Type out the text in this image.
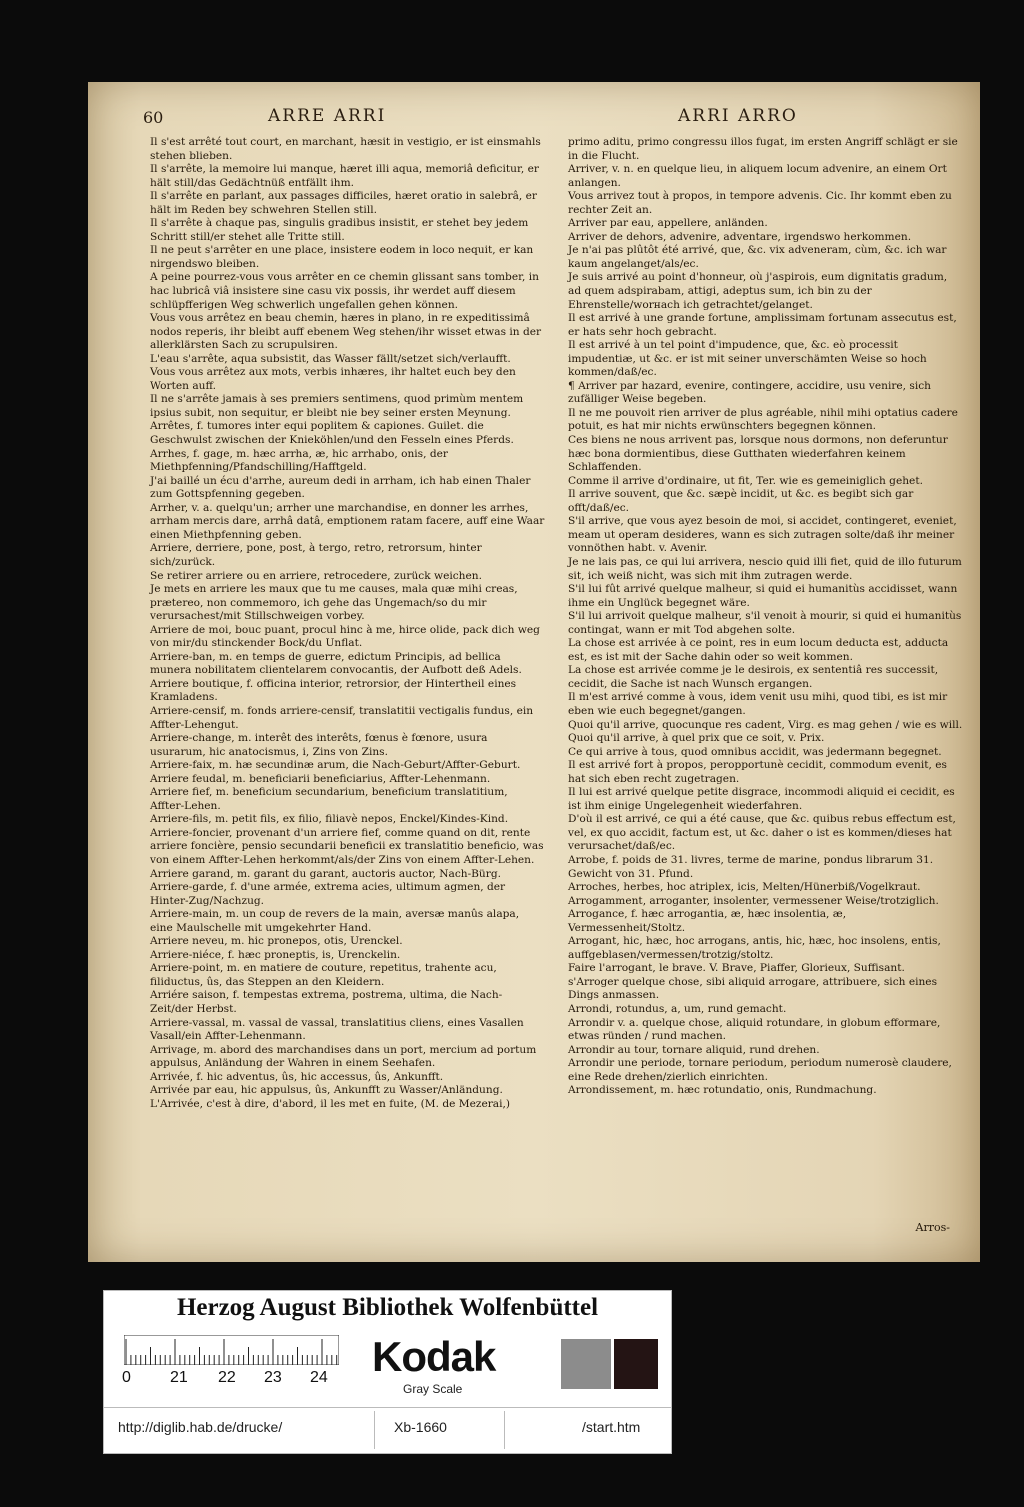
60	ARRE ARRI	ARRI ARRO

Il s'est arrêté tout court, en marchant, hæsit in vestigio, er ist einsmahls stehen blieben.

Il s'arrête, la memoire lui manque, hæret illi aqua, memoriâ deficitur, er hält still/das Gedächtnüß entfällt ihm.

Il s'arrête en parlant, aux passages difficiles, hæret oratio in salebrâ, er hält im Reden bey schwehren Stellen still.

Il s'arrête à chaque pas, singulis gradibus insistit, er stehet bey jedem Schritt still/er stehet alle Tritte still.

Il ne peut s'arrêter en une place, insistere eodem in loco nequit, er kan nirgendswo bleiben.

A peine pourrez-vous vous arrêter en ce chemin glissant sans tomber, in hac lubricâ viâ insistere sine casu vix possis, ihr werdet auff diesem schlüpfferigen Weg schwerlich ungefallen gehen können.

Vous vous arrêtez en beau chemin, hæres in plano, in re expeditissimâ nodos reperis, ihr bleibt auff ebenem Weg stehen/ihr wisset etwas in der allerklärsten Sach zu scrupulsiren.

L'eau s'arrête, aqua subsistit, das Wasser fällt/setzet sich/verlaufft.

Vous vous arrêtez aux mots, verbis inhæres, ihr haltet euch bey den Worten auff.

Il ne s'arrête jamais à ses premiers sentimens, quod primùm mentem ipsius subit, non sequitur, er bleibt nie bey seiner ersten Meynung.

Arrêtes, f. tumores inter equi poplitem & capiones. Guilet. die Geschwulst zwischen der Knieköhlen/und den Fesseln eines Pferds.

Arrhes, f. gage, m. hæc arrha, æ, hic arrhabo, onis, der Miethpfenning/Pfandschilling/Hafftgeld.

J'ai baillé un écu d'arrhe, aureum dedi in arrham, ich hab einen Thaler zum Gottspfenning gegeben.

Arrher, v. a. quelqu'un; arrher une marchandise, en donner les arrhes, arrham mercis dare, arrhâ datâ, emptionem ratam facere, auff eine Waar einen Miethpfenning geben.

Arriere, derriere, pone, post, à tergo, retro, retrorsum, hinter sich/zurück.

Se retirer arriere ou en arriere, retrocedere, zurück weichen.

Je mets en arriere les maux que tu me causes, mala quæ mihi creas, prætereo, non commemoro, ich gehe das Ungemach/so du mir verursachest/mit Stillschweigen vorbey.

Arriere de moi, bouc puant, procul hinc à me, hirce olide, pack dich weg von mir/du stinckender Bock/du Unflat.

Arriere-ban, m. en temps de guerre, edictum Principis, ad bellica munera nobilitatem clientelarem convocantis, der Aufbott deß Adels.

Arriere boutique, f. officina interior, retrorsior, der Hintertheil eines Kramladens.

Arriere-censif, m. fonds arriere-censif, translatitii vectigalis fundus, ein Affter-Lehengut.

Arriere-change, m. interêt des interêts, fœnus è fœnore, usura usurarum, hic anatocismus, i, Zins von Zins.

Arriere-faix, m. hæ secundinæ arum, die Nach-Geburt/Affter-Geburt.

Arriere feudal, m. beneficiarii beneficiarius, Affter-Lehenmann.

Arriere fief, m. beneficium secundarium, beneficium translatitium, Affter-Lehen.

Arriere-fils, m. petit fils, ex filio, filiavè nepos, Enckel/Kindes-Kind.

Arriere-foncier, provenant d'un arriere fief, comme quand on dit, rente arriere foncière, pensio secundarii beneficii ex translatitio beneficio, was von einem Affter-Lehen herkommt/als/der Zins von einem Affter-Lehen.

Arriere garand, m. garant du garant, auctoris auctor, Nach-Bürg.

Arriere-garde, f. d'une armée, extrema acies, ultimum agmen, der Hinter-Zug/Nachzug.

Arriere-main, m. un coup de revers de la main, aversæ manûs alapa, eine Maulschelle mit umgekehrter Hand.

Arriere neveu, m. hic pronepos, otis, Urenckel.

Arriere-niéce, f. hæc proneptis, is, Urenckelin.

Arriere-point, m. en matiere de couture, repetitus, trahente acu, filiductus, ûs, das Steppen an den Kleidern.

Arriére saison, f. tempestas extrema, postrema, ultima, die Nach-Zeit/der Herbst.

Arriere-vassal, m. vassal de vassal, translatitius cliens, eines Vasallen Vasall/ein Affter-Lehenmann.

Arrivage, m. abord des marchandises dans un port, mercium ad portum appulsus, Anländung der Wahren in einem Seehafen.

Arrivée, f. hic adventus, ûs, hic accessus, ûs, Ankunfft.

Arrivée par eau, hic appulsus, ûs, Ankunfft zu Wasser/Anländung.

L'Arrivée, c'est à dire, d'abord, il les met en fuite, (M. de Mezerai,)

primo aditu, primo congressu illos fugat, im ersten Angriff schlägt er sie in die Flucht.

Arriver, v. n. en quelque lieu, in aliquem locum advenire, an einem Ort anlangen.

Vous arrivez tout à propos, in tempore advenis. Cic. Ihr kommt eben zu rechter Zeit an.

Arriver par eau, appellere, anländen.

Arriver de dehors, advenire, adventare, irgendswo herkommen.

Je n'ai pas plûtôt été arrivé, que, &c. vix adveneram, cùm, &c. ich war kaum angelanget/als/ec.

Je suis arrivé au point d'honneur, où j'aspirois, eum dignitatis gradum, ad quem adspirabam, attigi, adeptus sum, ich bin zu der Ehrenstelle/worнach ich getrachtet/gelanget.

Il est arrivé à une grande fortune, amplissimam fortunam assecutus est, er hats sehr hoch gebracht.

Il est arrivé à un tel point d'impudence, que, &c. eò processit impudentiæ, ut &c. er ist mit seiner unverschämten Weise so hoch kommen/daß/ec.

¶ Arriver par hazard, evenire, contingere, accidire, usu venire, sich zufälliger Weise begeben.

Il ne me pouvoit rien arriver de plus agréable, nihil mihi optatius cadere potuit, es hat mir nichts erwünschters begegnen können.

Ces biens ne nous arrivent pas, lorsque nous dormons, non deferuntur hæc bona dormientibus, diese Gutthaten wiederfahren keinem Schlaffenden.

Comme il arrive d'ordinaire, ut fit, Ter. wie es gemeiniglich gehet.

Il arrive souvent, que &c. sæpè incidit, ut &c. es begibt sich gar offt/daß/ec.

S'il arrive, que vous ayez besoin de moi, si accidet, contingeret, eveniet, meam ut operam desideres, wann es sich zutragen solte/daß ihr meiner vonnöthen habt. v. Avenir.

Je ne lais pas, ce qui lui arrivera, nescio quid illi fiet, quid de illo futurum sit, ich weiß nicht, was sich mit ihm zutragen werde.

S'il lui fût arrivé quelque malheur, si quid ei humanitùs accidisset, wann ihme ein Unglück begegnet wäre.

S'il lui arrivoit quelque malheur, s'il venoit à mourir, si quid ei humanitùs contingat, wann er mit Tod abgehen solte.

La chose est arrivée à ce point, res in eum locum deducta est, adducta est, es ist mit der Sache dahin oder so weit kommen.

La chose est arrivée comme je le desirois, ex sententiâ res successit, cecidit, die Sache ist nach Wunsch ergangen.

Il m'est arrivé comme à vous, idem venit usu mihi, quod tibi, es ist mir eben wie euch begegnet/gangen.

Quoi qu'il arrive, quocunque res cadent, Virg. es mag gehen / wie es will.

Quoi qu'il arrive, à quel prix que ce soit, v. Prix.

Ce qui arrive à tous, quod omnibus accidit, was jedermann begegnet.

Il est arrivé fort à propos, peropportunè cecidit, commodum evenit, es hat sich eben recht zugetragen.

Il lui est arrivé quelque petite disgrace, incommodi aliquid ei cecidit, es ist ihm einige Ungelegenheit wiederfahren.

D'où il est arrivé, ce qui a été cause, que &c. quibus rebus effectum est, vel, ex quo accidit, factum est, ut &c. daher o ist es kommen/dieses hat verursachet/daß/ec.

Arrobe, f. poids de 31. livres, terme de marine, pondus librarum 31. Gewicht von 31. Pfund.

Arroches, herbes, hoc atriplex, icis, Melten/Hünerbiß/Vogelkraut.

Arrogamment, arroganter, insolenter, vermessener Weise/trotziglich.

Arrogance, f. hæc arrogantia, æ, hæc insolentia, æ, Vermessenheit/Stoltz.

Arrogant, hic, hæc, hoc arrogans, antis, hic, hæc, hoc insolens, entis, auffgeblasen/vermessen/trotzig/stoltz.

Faire l'arrogant, le brave. V. Brave, Piaffer, Glorieux, Suffisant.

s'Arroger quelque chose, sibi aliquid arrogare, attribuere, sich eines Dings anmassen.

Arrondi, rotundus, a, um, rund gemacht.

Arrondir v. a. quelque chose, aliquid rotundare, in globum efformare, etwas ründen / rund machen.

Arrondir au tour, tornare aliquid, rund drehen.

Arrondir une periode, tornare periodum, periodum numerosè claudere, eine Rede drehen/zierlich einrichten.

Arrondissement, m. hæc rotundatio, onis, Rundmachung.

Arros-
Herzog August Bibliothek Wolfenbüttel
0 21 22 23 24 Kodak
Gray Scale
http://diglib.hab.de/drucke/	Xb-1660	/start.htm
